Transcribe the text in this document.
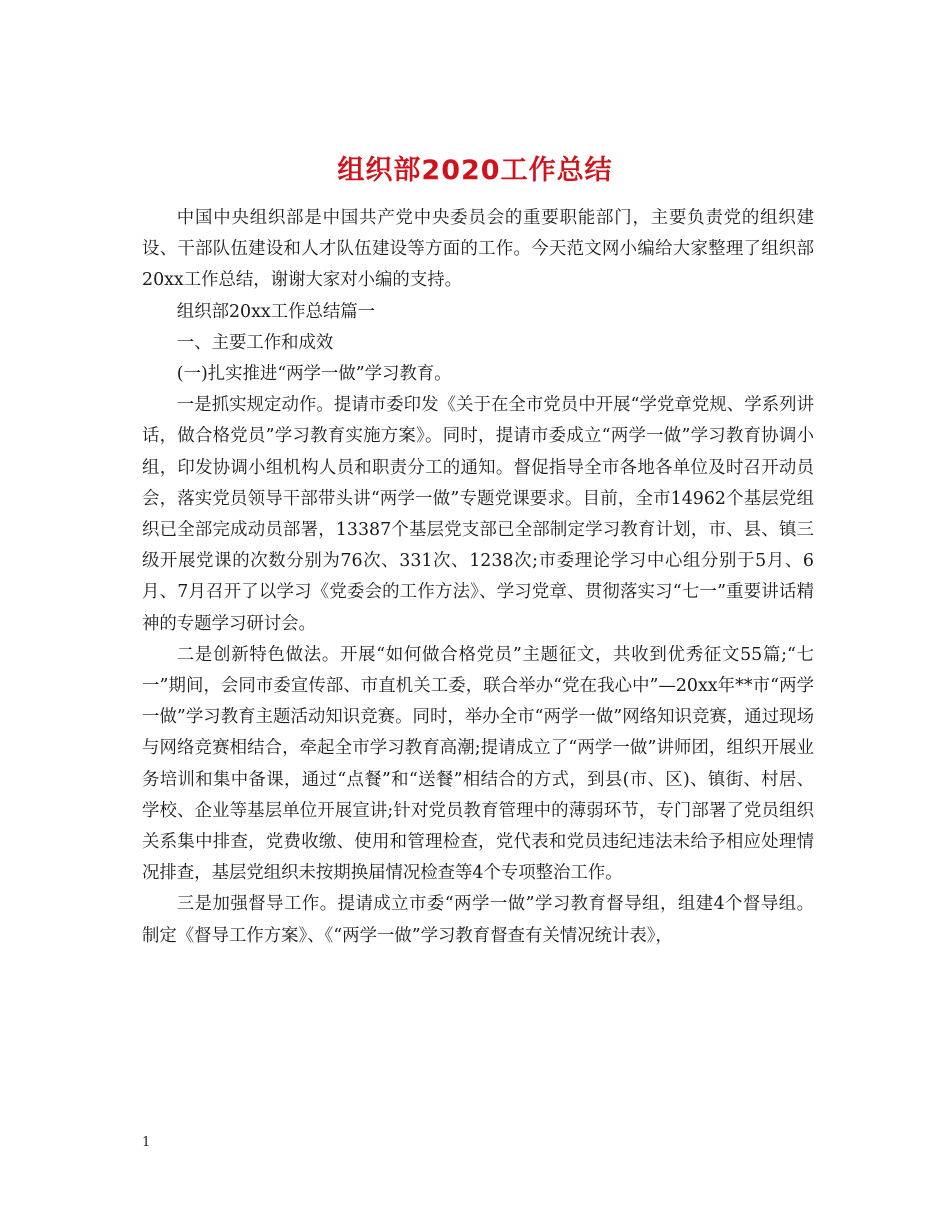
组织部2020工作总结

中国中央组织部是中国共产党中央委员会的重要职能部门，主要负责党的组织建设、干部队伍建设和人才队伍建设等方面的工作。今天范文网小编给大家整理了组织部20xx工作总结，谢谢大家对小编的支持。

组织部20xx工作总结篇一

一、主要工作和成效

(一)扎实推进“两学一做”学习教育。

一是抓实规定动作。提请市委印发《关于在全市党员中开展“学党章党规、学系列讲话，做合格党员”学习教育实施方案》。同时，提请市委成立“两学一做”学习教育协调小组，印发协调小组机构人员和职责分工的通知。督促指导全市各地各单位及时召开动员会，落实党员领导干部带头讲“两学一做”专题党课要求。目前，全市14962个基层党组织已全部完成动员部署，13387个基层党支部已全部制定学习教育计划，市、县、镇三级开展党课的次数分别为76次、331次、1238次;市委理论学习中心组分别于5月、6月、7月召开了以学习《党委会的工作方法》、学习党章、贯彻落实习“七一”重要讲话精神的专题学习研讨会。

二是创新特色做法。开展“如何做合格党员”主题征文，共收到优秀征文55篇;“七一”期间，会同市委宣传部、市直机关工委，联合举办“党在我心中”—20xx年**市“两学一做”学习教育主题活动知识竞赛。同时，举办全市“两学一做”网络知识竞赛，通过现场与网络竞赛相结合，牵起全市学习教育高潮;提请成立了“两学一做”讲师团，组织开展业务培训和集中备课，通过“点餐”和“送餐”相结合的方式，到县(市、区)、镇街、村居、学校、企业等基层单位开展宣讲;针对党员教育管理中的薄弱环节，专门部署了党员组织关系集中排查，党费收缴、使用和管理检查，党代表和党员违纪违法未给予相应处理情况排查，基层党组织未按期换届情况检查等4个专项整治工作。

三是加强督导工作。提请成立市委“两学一做”学习教育督导组，组建4个督导组。制定《督导工作方案》、《“两学一做”学习教育督查有关情况统计表》，

1
